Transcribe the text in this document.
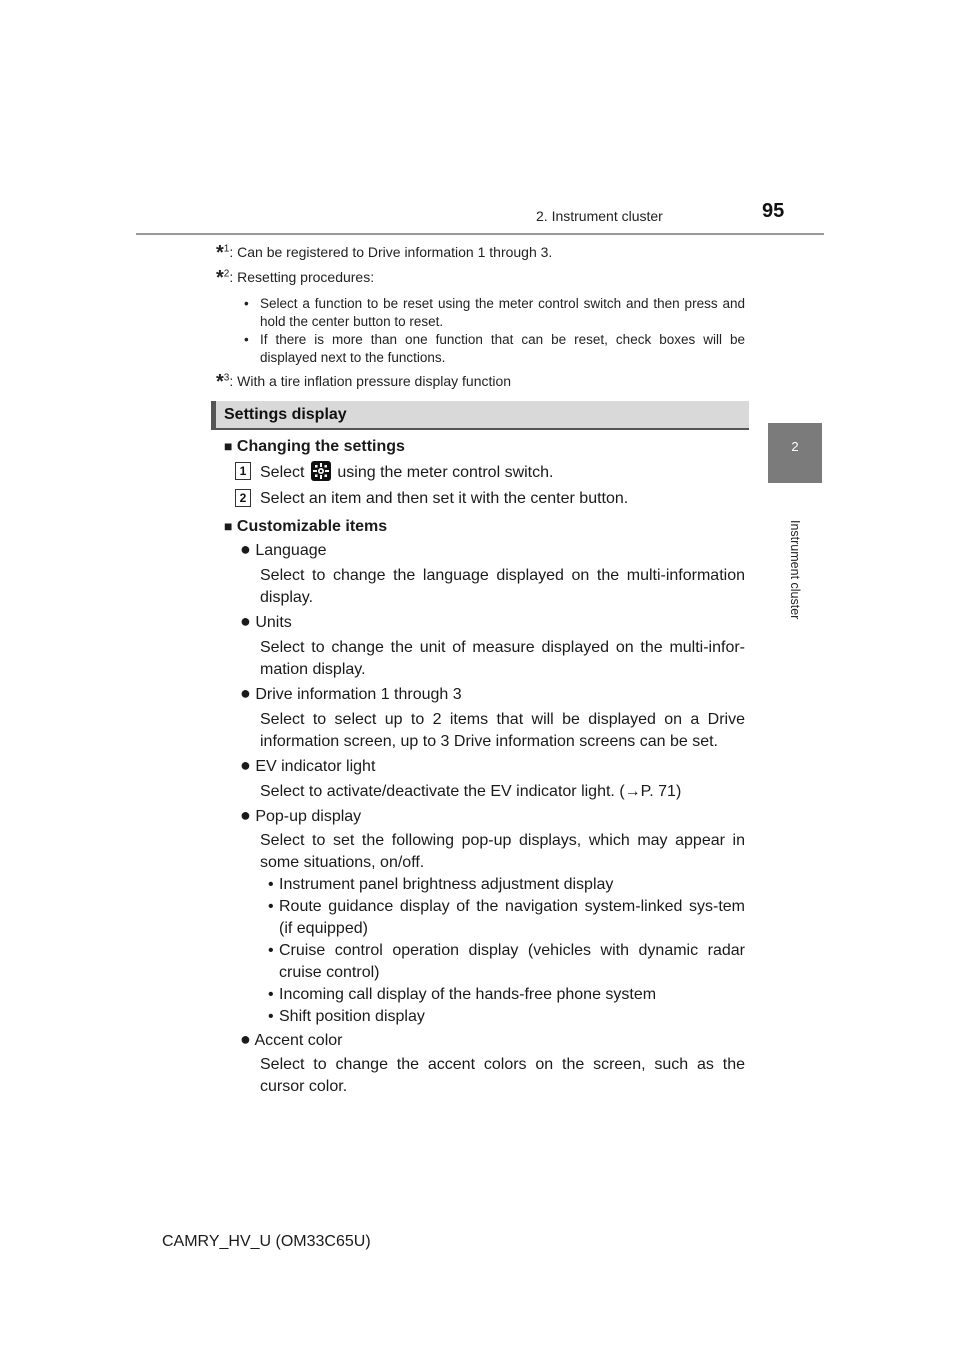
2. Instrument cluster	95
2
Instrument cluster
*$^1$: Can be registered to Drive information 1 through 3.
*$^2$: Resetting procedures:
• Select a function to be reset using the meter control switch and then press and hold the center button to reset.
• If there is more than one function that can be reset, check boxes will be displayed next to the functions.
*$^3$: With a tire inflation pressure display function
Settings display
■ Changing the settings
1 Select
using the meter control switch.
2 Select an item and then set it with the center button.
■ Customizable items
● Language
Select to change the language displayed on the multi-information display.
● Units
Select to change the unit of measure displayed on the multi-infor-mation display.
● Drive information 1 through 3
Select to select up to 2 items that will be displayed on a Drive information screen, up to 3 Drive information screens can be set.
● EV indicator light
Select to activate/deactivate the EV indicator light. (→P. 71)
● Pop-up display
Select to set the following pop-up displays, which may appear in some situations, on/off.
• Instrument panel brightness adjustment display
• Route guidance display of the navigation system-linked sys-tem (if equipped)
• Cruise control operation display (vehicles with dynamic radar cruise control)
• Incoming call display of the hands-free phone system
• Shift position display
● Accent color
Select to change the accent colors on the screen, such as the cursor color.
CAMRY_HV_U (OM33C65U)
